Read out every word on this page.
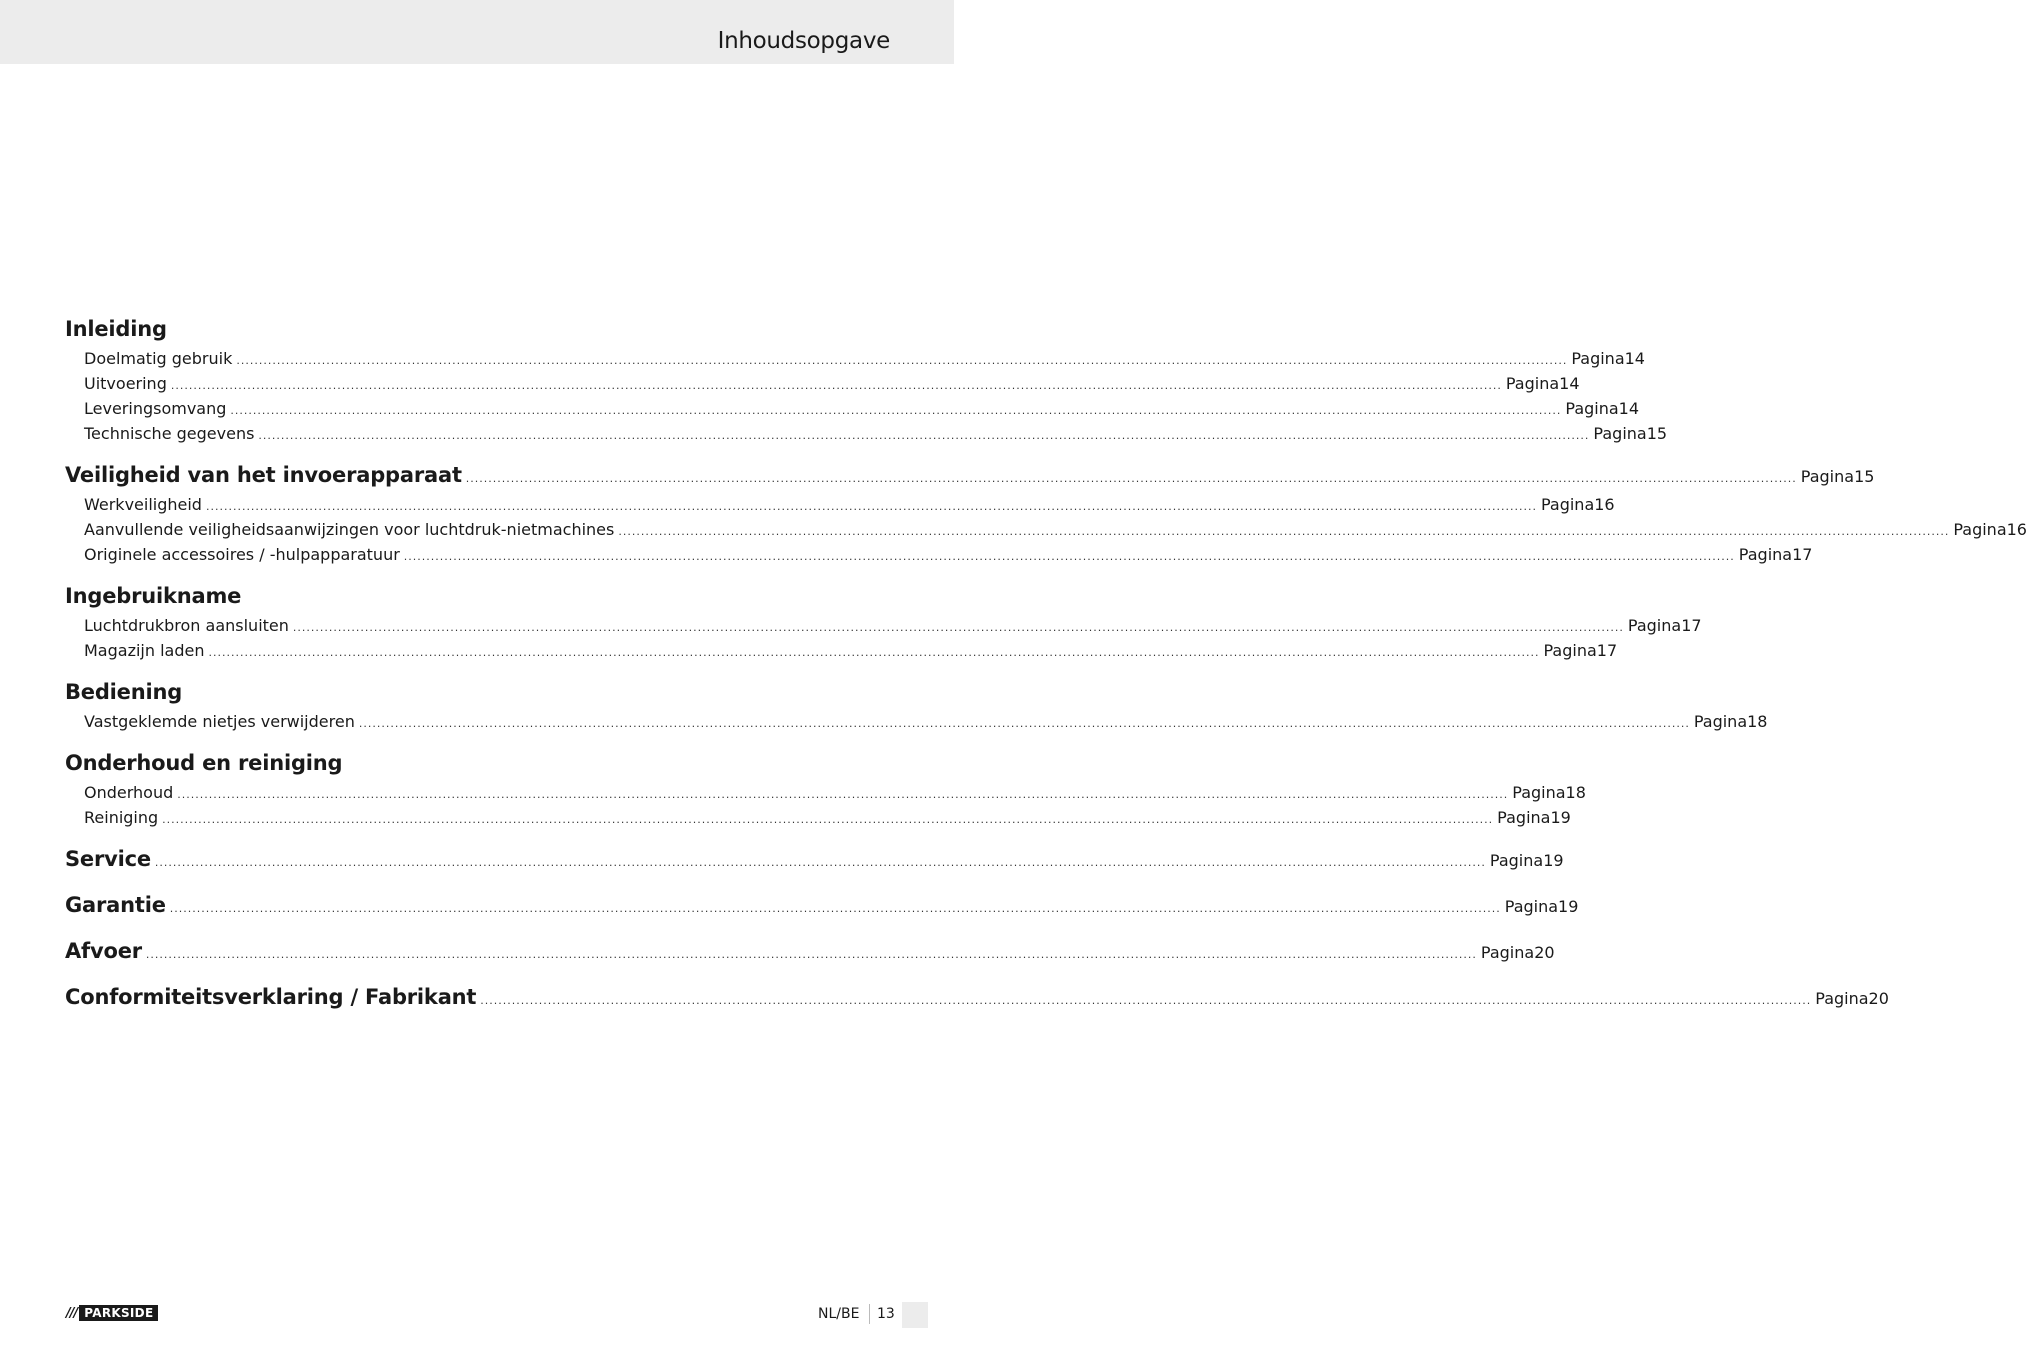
Inhoudsopgave
Inleiding
Doelmatig gebruik ........................................................................................................................................................................................................................................................................................................ Pagina 14
Uitvoering ........................................................................................................................................................................................................................................................................................................ Pagina 14
Leveringsomvang ........................................................................................................................................................................................................................................................................................................ Pagina 14
Technische gegevens ........................................................................................................................................................................................................................................................................................................ Pagina 15
Veiligheid van het invoerapparaat ........................................................................................................................................................................................................................................................................................................ Pagina 15
Werkveiligheid ........................................................................................................................................................................................................................................................................................................ Pagina 16
Aanvullende veiligheidsaanwijzingen voor luchtdruk-nietmachines ........................................................................................................................................................................................................................................................................................................ Pagina 16
Originele accessoires / -hulpapparatuur ........................................................................................................................................................................................................................................................................................................ Pagina 17
Ingebruikname
Luchtdrukbron aansluiten ........................................................................................................................................................................................................................................................................................................ Pagina 17
Magazijn laden ........................................................................................................................................................................................................................................................................................................ Pagina 17
Bediening
Vastgeklemde nietjes verwijderen ........................................................................................................................................................................................................................................................................................................ Pagina 18
Onderhoud en reiniging
Onderhoud ........................................................................................................................................................................................................................................................................................................ Pagina 18
Reiniging ........................................................................................................................................................................................................................................................................................................ Pagina 19
Service ........................................................................................................................................................................................................................................................................................................ Pagina 19
Garantie ........................................................................................................................................................................................................................................................................................................ Pagina 19
Afvoer ........................................................................................................................................................................................................................................................................................................ Pagina 20
Conformiteitsverklaring / Fabrikant ........................................................................................................................................................................................................................................................................................................ Pagina 20
/// PARKSIDE	NL/BE 13
